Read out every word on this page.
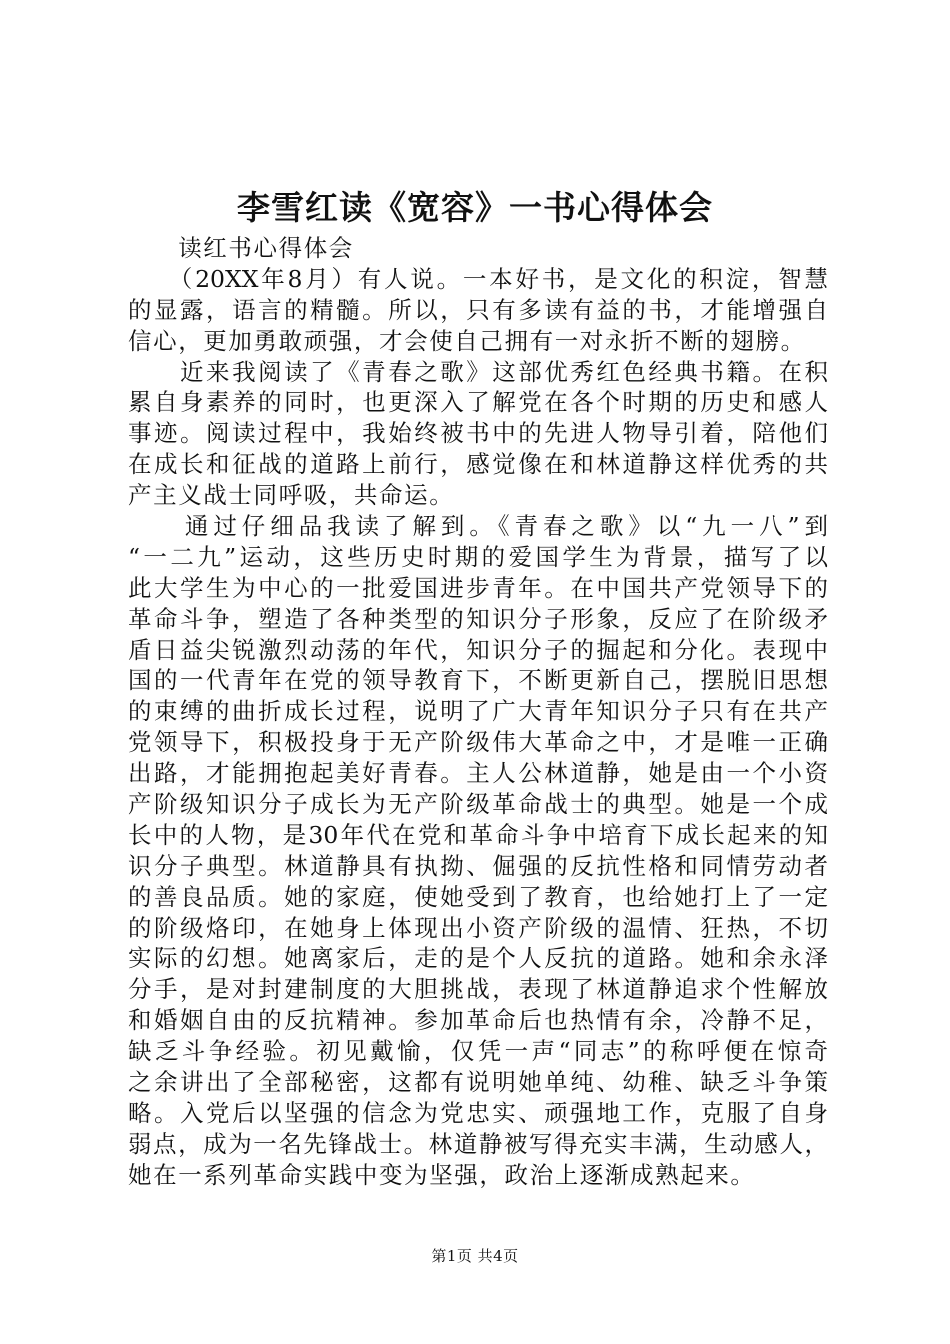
李雪红读《宽容》一书心得体会
　　读红书心得体会
　　（20XX年8月）有人说。一本好书，是文化的积淀，智慧
的显露，语言的精髓。所以，只有多读有益的书，才能增强自
信心，更加勇敢顽强，才会使自己拥有一对永折不断的翅膀。
　　近来我阅读了《青春之歌》这部优秀红色经典书籍。在积
累自身素养的同时，也更深入了解党在各个时期的历史和感人
事迹。阅读过程中，我始终被书中的先进人物导引着，陪他们
在成长和征战的道路上前行，感觉像在和林道静这样优秀的共
产主义战士同呼吸，共命运。
　　通过仔细品我读了解到。《青春之歌》以“九一八”到
“一二九”运动，这些历史时期的爱国学生为背景，描写了以
此大学生为中心的一批爱国进步青年。在中国共产党领导下的
革命斗争，塑造了各种类型的知识分子形象，反应了在阶级矛
盾日益尖锐激烈动荡的年代，知识分子的掘起和分化。表现中
国的一代青年在党的领导教育下，不断更新自己，摆脱旧思想
的束缚的曲折成长过程，说明了广大青年知识分子只有在共产
党领导下，积极投身于无产阶级伟大革命之中，才是唯一正确
出路，才能拥抱起美好青春。主人公林道静，她是由一个小资
产阶级知识分子成长为无产阶级革命战士的典型。她是一个成
长中的人物，是30年代在党和革命斗争中培育下成长起来的知
识分子典型。林道静具有执拗、倔强的反抗性格和同情劳动者
的善良品质。她的家庭，使她受到了教育，也给她打上了一定
的阶级烙印，在她身上体现出小资产阶级的温情、狂热，不切
实际的幻想。她离家后，走的是个人反抗的道路。她和余永泽
分手，是对封建制度的大胆挑战，表现了林道静追求个性解放
和婚姻自由的反抗精神。参加革命后也热情有余，冷静不足，
缺乏斗争经验。初见戴愉，仅凭一声“同志”的称呼便在惊奇
之余讲出了全部秘密，这都有说明她单纯、幼稚、缺乏斗争策
略。入党后以坚强的信念为党忠实、顽强地工作，克服了自身
弱点，成为一名先锋战士。林道静被写得充实丰满，生动感人，
她在一系列革命实践中变为坚强，政治上逐渐成熟起来。
第1页 共4页
